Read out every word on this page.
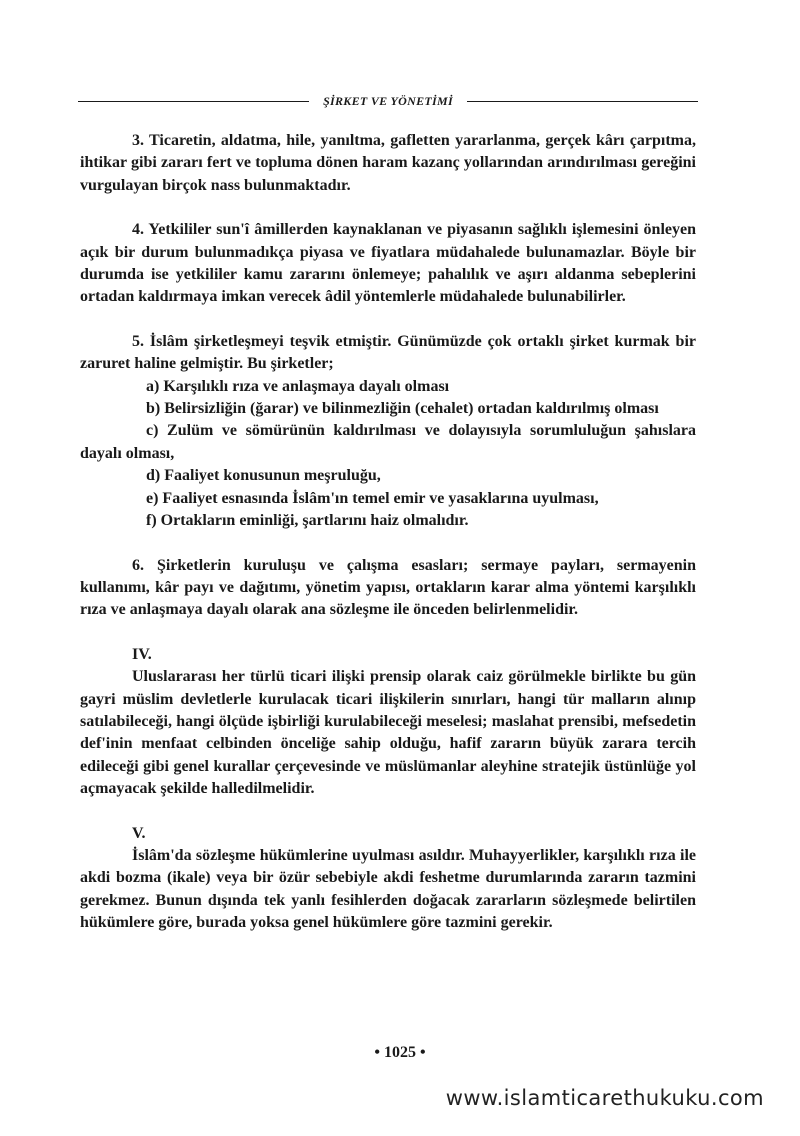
ŞİRKET VE YÖNETİMİ

3. Ticaretin, aldatma, hile, yanıltma, gafletten yararlanma, gerçek kârı çarpıtma, ihtikar gibi zararı fert ve topluma dönen haram kazanç yollarından arındırılması gereğini vurgulayan birçok nass bulunmaktadır.

4. Yetkililer sun'î âmillerden kaynaklanan ve piyasanın sağlıklı işlemesini önleyen açık bir durum bulunmadıkça piyasa ve fiyatlara müdahalede bulunamazlar. Böyle bir durumda ise yetkililer kamu zararını önlemeye; pahalılık ve aşırı aldanma sebeplerini ortadan kaldırmaya imkan verecek âdil yöntemlerle müdahalede bulunabilirler.

5. İslâm şirketleşmeyi teşvik etmiştir. Günümüzde çok ortaklı şirket kurmak bir zaruret haline gelmiştir. Bu şirketler;

a) Karşılıklı rıza ve anlaşmaya dayalı olması

b) Belirsizliğin (ğarar) ve bilinmezliğin (cehalet) ortadan kaldırılmış olması

c) Zulüm ve sömürünün kaldırılması ve dolayısıyla sorumluluğun şahıslara dayalı olması,

d) Faaliyet konusunun meşruluğu,

e) Faaliyet esnasında İslâm'ın temel emir ve yasaklarına uyulması,

f) Ortakların eminliği, şartlarını haiz olmalıdır.

6. Şirketlerin kuruluşu ve çalışma esasları; sermaye payları, sermayenin kullanımı, kâr payı ve dağıtımı, yönetim yapısı, ortakların karar alma yöntemi karşılıklı rıza ve anlaşmaya dayalı olarak ana sözleşme ile önceden belirlenmelidir.

IV.

Uluslararası her türlü ticari ilişki prensip olarak caiz görülmekle birlikte bu gün gayri müslim devletlerle kurulacak ticari ilişkilerin sınırları, hangi tür malların alınıp satılabileceği, hangi ölçüde işbirliği kurulabileceği meselesi; maslahat prensibi, mefsedetin def'inin menfaat celbinden önceliğe sahip olduğu, hafif zararın büyük zarara tercih edileceği gibi genel kurallar çerçevesinde ve müslümanlar aleyhine stratejik üstünlüğe yol açmayacak şekilde halledilmelidir.

V.

İslâm'da sözleşme hükümlerine uyulması asıldır. Muhayyerlikler, karşılıklı rıza ile akdi bozma (ikale) veya bir özür sebebiyle akdi feshetme durumlarında zararın tazmini gerekmez. Bunun dışında tek yanlı fesihlerden doğacak zararların sözleşmede belirtilen hükümlere göre, burada yoksa genel hükümlere göre tazmini gerekir.

• 1025 •
www.islamticarethukuku.com
